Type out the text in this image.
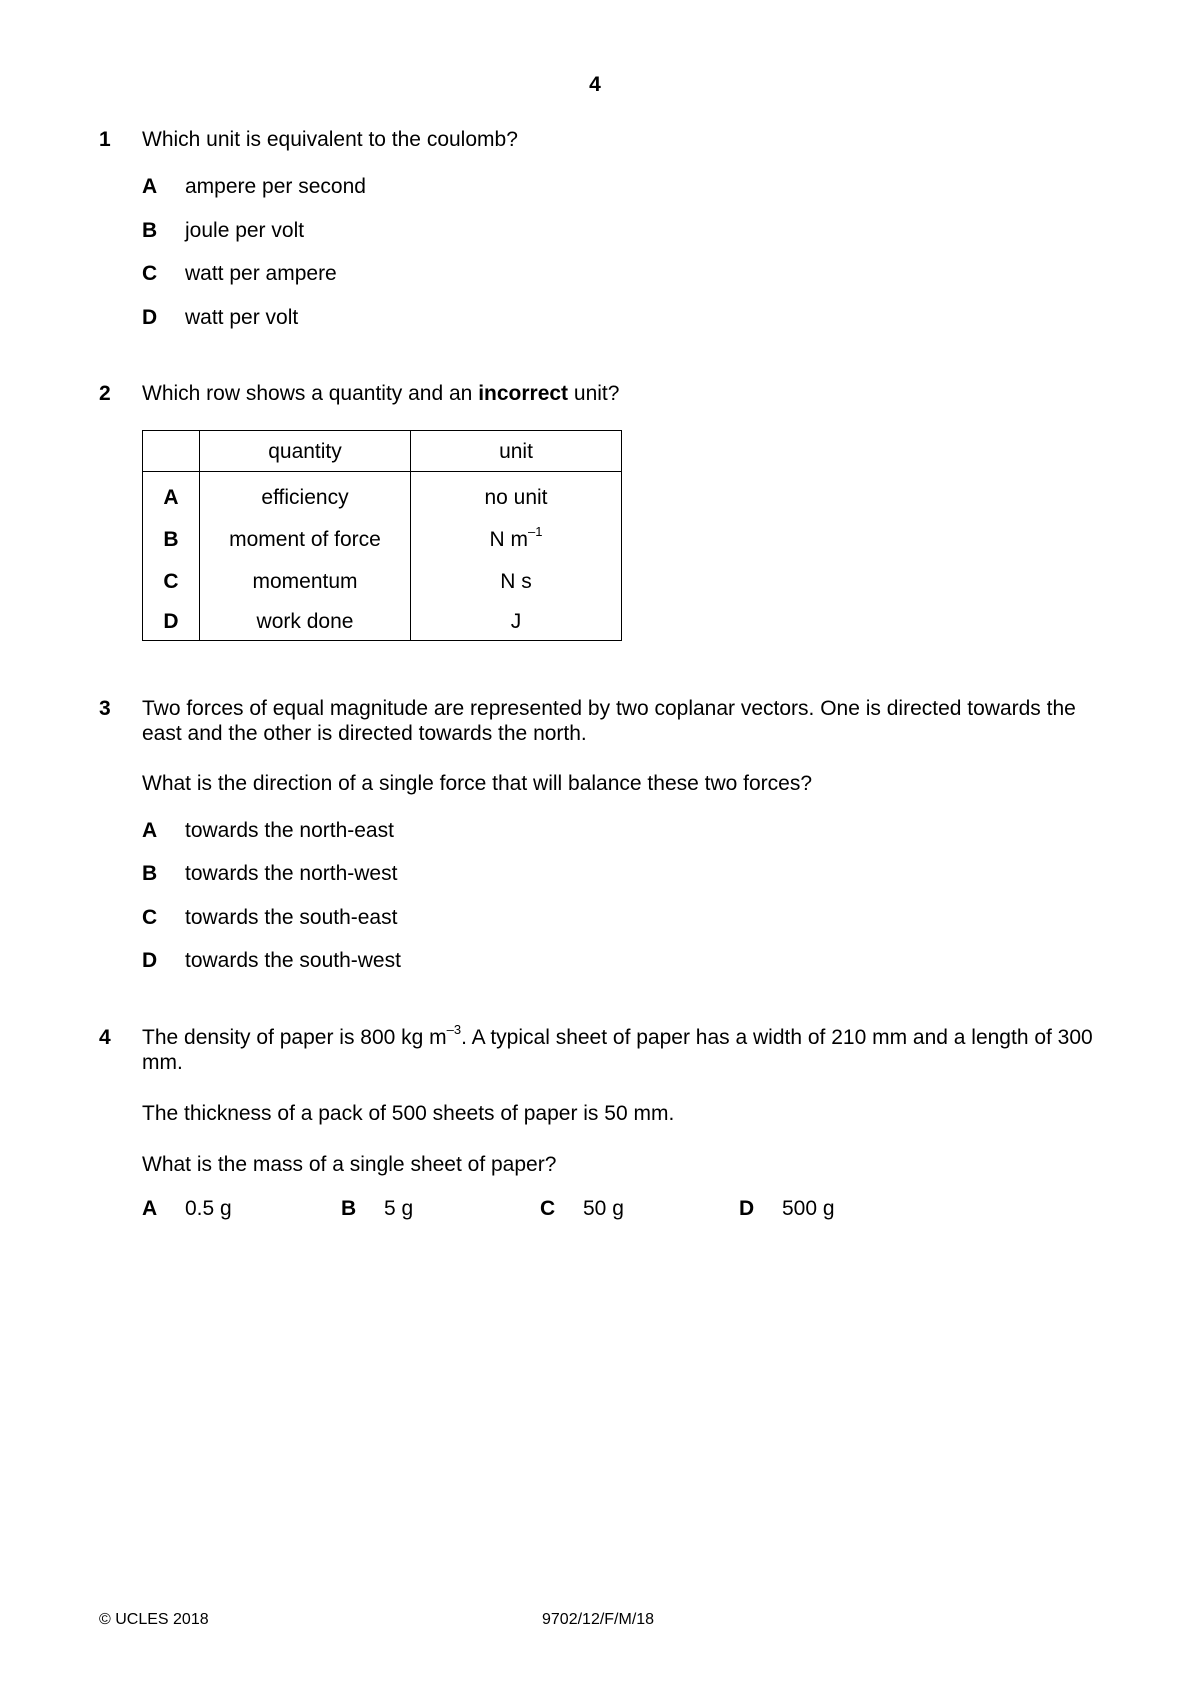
4
1 Which unit is equivalent to the coulomb?
A ampere per second
B joule per volt
C watt per ampere
D watt per volt
2 Which row shows a quantity and an incorrect unit?
	quantity	unit
A	efficiency	no unit
B	moment of force	N $m^{-1}$
C	momentum	N s
D	work done	J
3 Two forces of equal magnitude are represented by two coplanar vectors. One is directed towards the east and the other is directed towards the north.
What is the direction of a single force that will balance these two forces?
A towards the north-east
B towards the north-west
C towards the south-east
D towards the south-west
4 The density of paper is 800 kg $m^{-3}$. A typical sheet of paper has a width of 210 mm and a length of 300 mm.
The thickness of a pack of 500 sheets of paper is 50 mm.
What is the mass of a single sheet of paper?
A 0.5 g	B 5 g	C 50 g	D 500 g
© UCLES 2018	9702/12/F/M/18
